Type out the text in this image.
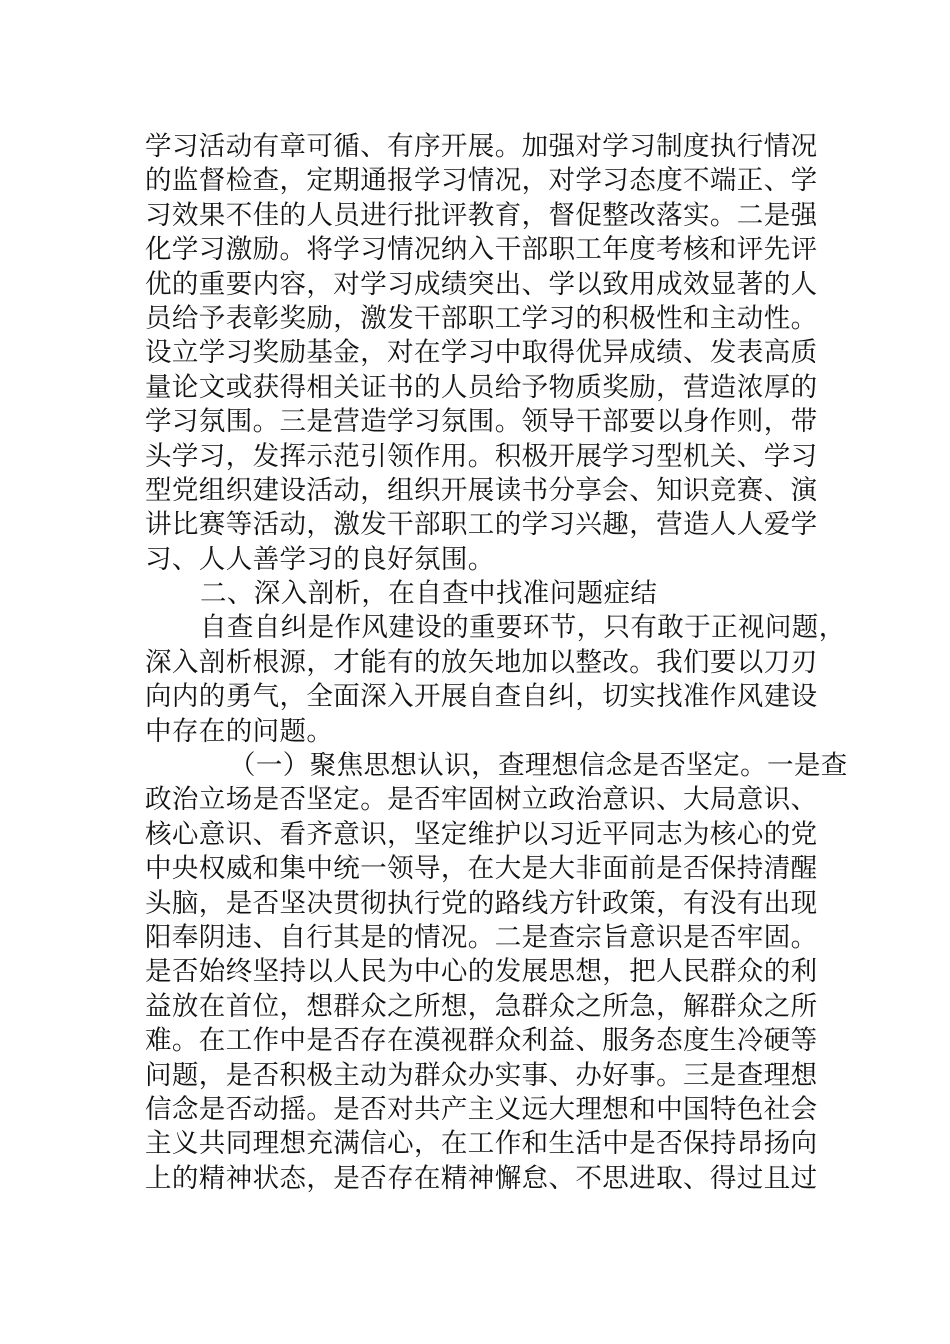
学习活动有章可循、有序开展。加强对学习制度执行情况
的监督检查，定期通报学习情况，对学习态度不端正、学
习效果不佳的人员进行批评教育，督促整改落实。二是强
化学习激励。将学习情况纳入干部职工年度考核和评先评
优的重要内容，对学习成绩突出、学以致用成效显著的人
员给予表彰奖励，激发干部职工学习的积极性和主动性。
设立学习奖励基金，对在学习中取得优异成绩、发表高质
量论文或获得相关证书的人员给予物质奖励，营造浓厚的
学习氛围。三是营造学习氛围。领导干部要以身作则，带
头学习，发挥示范引领作用。积极开展学习型机关、学习
型党组织建设活动，组织开展读书分享会、知识竞赛、演
讲比赛等活动，激发干部职工的学习兴趣，营造人人爱学
习、人人善学习的良好氛围。
二、深入剖析，在自查中找准问题症结
自查自纠是作风建设的重要环节，只有敢于正视问题，
深入剖析根源，才能有的放矢地加以整改。我们要以刀刃
向内的勇气，全面深入开展自查自纠，切实找准作风建设
中存在的问题。
（一）聚焦思想认识，查理想信念是否坚定。一是查
政治立场是否坚定。是否牢固树立政治意识、大局意识、
核心意识、看齐意识，坚定维护以习近平同志为核心的党
中央权威和集中统一领导，在大是大非面前是否保持清醒
头脑，是否坚决贯彻执行党的路线方针政策，有没有出现
阳奉阴违、自行其是的情况。二是查宗旨意识是否牢固。
是否始终坚持以人民为中心的发展思想，把人民群众的利
益放在首位，想群众之所想，急群众之所急，解群众之所
难。在工作中是否存在漠视群众利益、服务态度生冷硬等
问题，是否积极主动为群众办实事、办好事。三是查理想
信念是否动摇。是否对共产主义远大理想和中国特色社会
主义共同理想充满信心，在工作和生活中是否保持昂扬向
上的精神状态，是否存在精神懈怠、不思进取、得过且过
